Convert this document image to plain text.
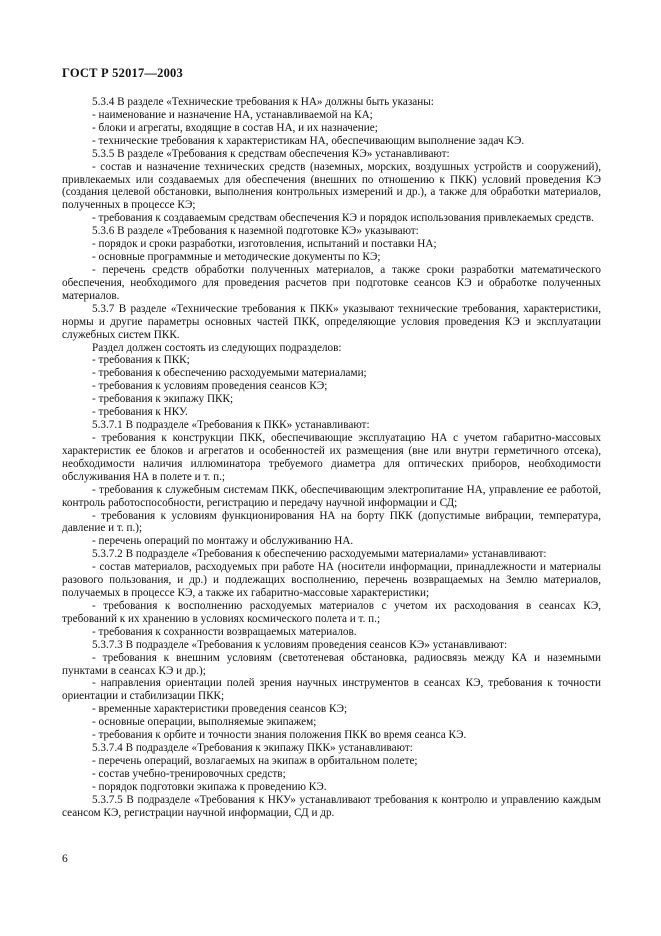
ГОСТ Р 52017—2003

5.3.4 В разделе «Технические требования к НА» должны быть указаны:

- наименование и назначение НА, устанавливаемой на КА;

- блоки и агрегаты, входящие в состав НА, и их назначение;

- технические требования к характеристикам НА, обеспечивающим выполнение задач КЭ.

5.3.5 В разделе «Требования к средствам обеспечения КЭ» устанавливают:

- состав и назначение технических средств (наземных, морских, воздушных устройств и сооружений), привлекаемых или создаваемых для обеспечения (внешних по отношению к ПКК) условий проведения КЭ (создания целевой обстановки, выполнения контрольных измерений и др.), а также для обработки материалов, полученных в процессе КЭ;

- требования к создаваемым средствам обеспечения КЭ и порядок использования привлекаемых средств.

5.3.6 В разделе «Требования к наземной подготовке КЭ» указывают:

- порядок и сроки разработки, изготовления, испытаний и поставки НА;

- основные программные и методические документы по КЭ;

- перечень средств обработки полученных материалов, а также сроки разработки математического обеспечения, необходимого для проведения расчетов при подготовке сеансов КЭ и обработке полученных материалов.

5.3.7 В разделе «Технические требования к ПКК» указывают технические требования, характеристики, нормы и другие параметры основных частей ПКК, определяющие условия проведения КЭ и эксплуатации служебных систем ПКК.

Раздел должен состоять из следующих подразделов:

- требования к ПКК;

- требования к обеспечению расходуемыми материалами;

- требования к условиям проведения сеансов КЭ;

- требования к экипажу ПКК;

- требования к НКУ.

5.3.7.1 В подразделе «Требования к ПКК» устанавливают:

- требования к конструкции ПКК, обеспечивающие эксплуатацию НА с учетом габаритно-массовых характеристик ее блоков и агрегатов и особенностей их размещения (вне или внутри герметичного отсека), необходимости наличия иллюминатора требуемого диаметра для оптических приборов, необходимости обслуживания НА в полете и т. п.;

- требования к служебным системам ПКК, обеспечивающим электропитание НА, управление ее работой, контроль работоспособности, регистрацию и передачу научной информации и СД;

- требования к условиям функционирования НА на борту ПКК (допустимые вибрации, температура, давление и т. п.);

- перечень операций по монтажу и обслуживанию НА.

5.3.7.2 В подразделе «Требования к обеспечению расходуемыми материалами» устанавливают:

- состав материалов, расходуемых при работе НА (носители информации, принадлежности и материалы разового пользования, и др.) и подлежащих восполнению, перечень возвращаемых на Землю материалов, получаемых в процессе КЭ, а также их габаритно-массовые характеристики;

- требования к восполнению расходуемых материалов с учетом их расходования в сеансах КЭ, требований к их хранению в условиях космического полета и т. п.;

- требования к сохранности возвращаемых материалов.

5.3.7.3 В подразделе «Требования к условиям проведения сеансов КЭ» устанавливают:

- требования к внешним условиям (светотеневая обстановка, радиосвязь между КА и наземными пунктами в сеансах КЭ и др.);

- направления ориентации полей зрения научных инструментов в сеансах КЭ, требования к точности ориентации и стабилизации ПКК;

- временные характеристики проведения сеансов КЭ;

- основные операции, выполняемые экипажем;

- требования к орбите и точности знания положения ПКК во время сеанса КЭ.

5.3.7.4 В подразделе «Требования к экипажу ПКК» устанавливают:

- перечень операций, возлагаемых на экипаж в орбитальном полете;

- состав учебно-тренировочных средств;

- порядок подготовки экипажа к проведению КЭ.

5.3.7.5 В подразделе «Требования к НКУ» устанавливают требования к контролю и управлению каждым сеансом КЭ, регистрации научной информации, СД и др.

6
